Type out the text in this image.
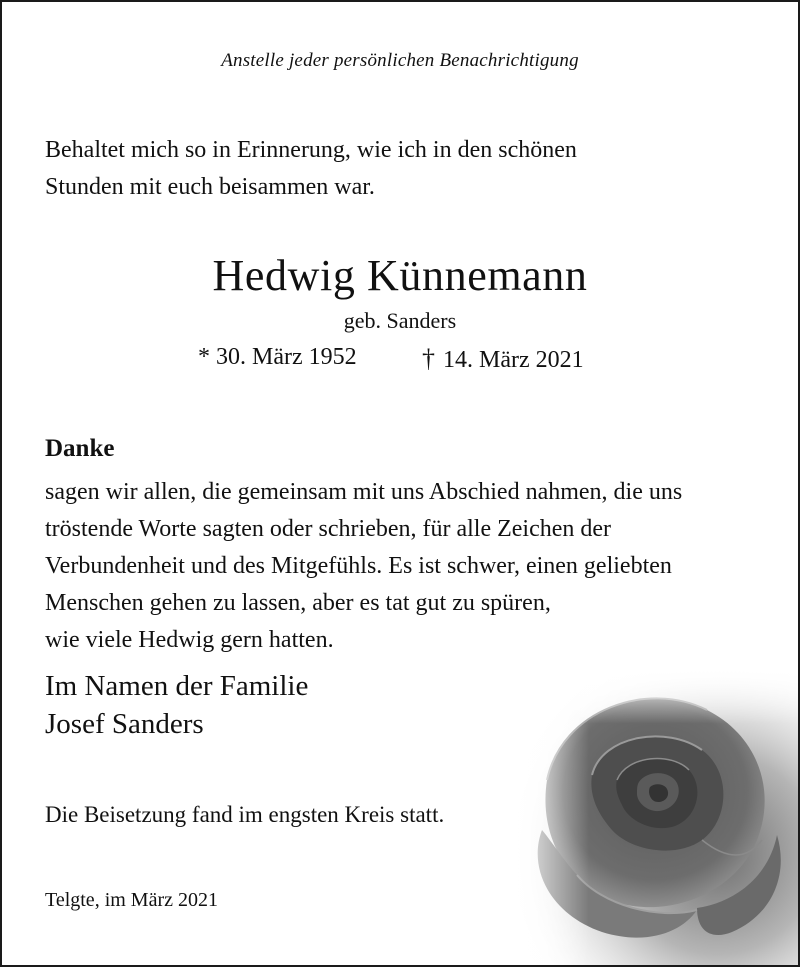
Anstelle jeder persönlichen Benachrichtigung

Behaltet mich so in Erinnerung, wie ich in den schönen
Stunden mit euch beisammen war.
Hedwig Künnemann

geb. Sanders

* 30. März 1952	† 14. März 2021

Danke
sagen wir allen, die gemeinsam mit uns Abschied nahmen, die uns
tröstende Worte sagten oder schrieben, für alle Zeichen der
Verbundenheit und des Mitgefühls. Es ist schwer, einen geliebten
Menschen gehen zu lassen, aber es tat gut zu spüren,
wie viele Hedwig gern hatten.
Im Namen der Familie
Josef Sanders

Die Beisetzung fand im engsten Kreis statt.

Telgte, im März 2021
